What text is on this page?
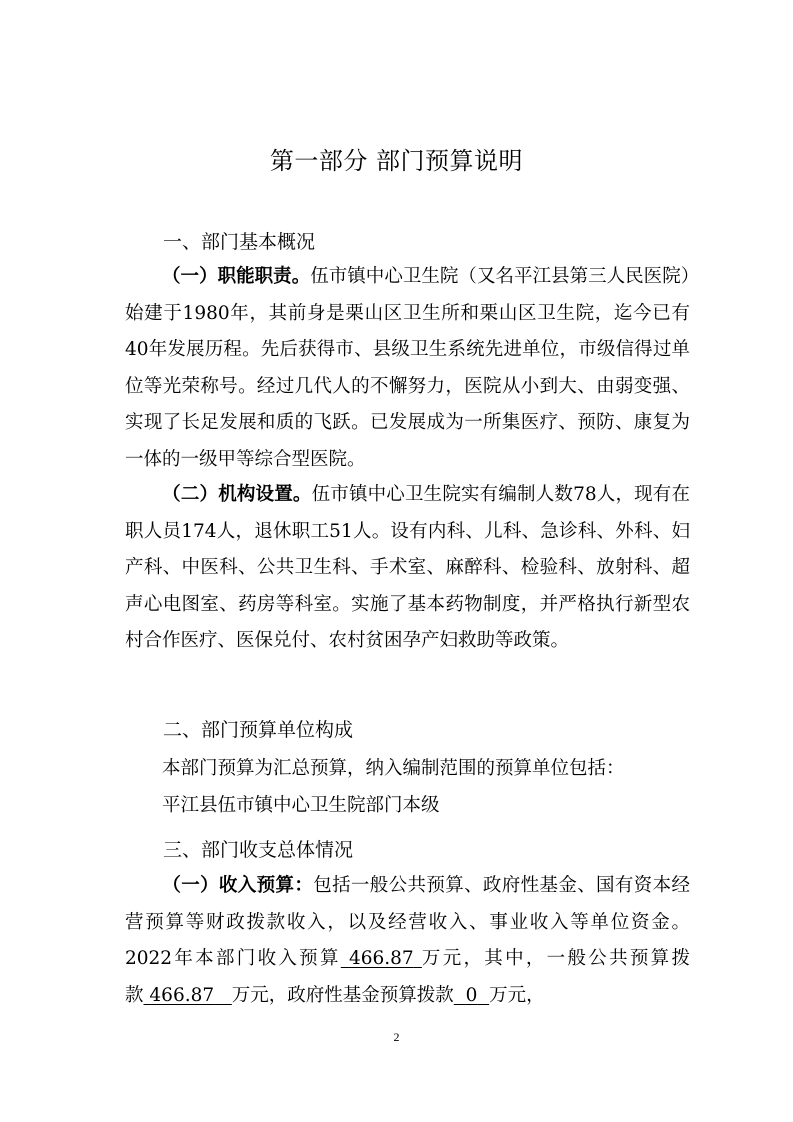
第一部分 部门预算说明
一、部门基本概况

（一）职能职责。伍市镇中心卫生院（又名平江县第三人民医院）始建于1980年，其前身是栗山区卫生所和栗山区卫生院，迄今已有40年发展历程。先后获得市、县级卫生系统先进单位，市级信得过单位等光荣称号。经过几代人的不懈努力，医院从小到大、由弱变强、实现了长足发展和质的飞跃。已发展成为一所集医疗、预防、康复为一体的一级甲等综合型医院。

（二）机构设置。伍市镇中心卫生院实有编制人数78人，现有在职人员174人，退休职工51人。设有内科、儿科、急诊科、外科、妇产科、中医科、公共卫生科、手术室、麻醉科、检验科、放射科、超声心电图室、药房等科室。实施了基本药物制度，并严格执行新型农村合作医疗、医保兑付、农村贫困孕产妇救助等政策。

二、部门预算单位构成

本部门预算为汇总预算，纳入编制范围的预算单位包括：

平江县伍市镇中心卫生院部门本级

三、部门收支总体情况

（一）收入预算：包括一般公共预算、政府性基金、国有资本经营预算等财政拨款收入，以及经营收入、事业收入等单位资金。2022年本部门收入预算 466.87 万元，其中，一般公共预算拨款 466.87 万元，政府性基金预算拨款 0 万元，

2
